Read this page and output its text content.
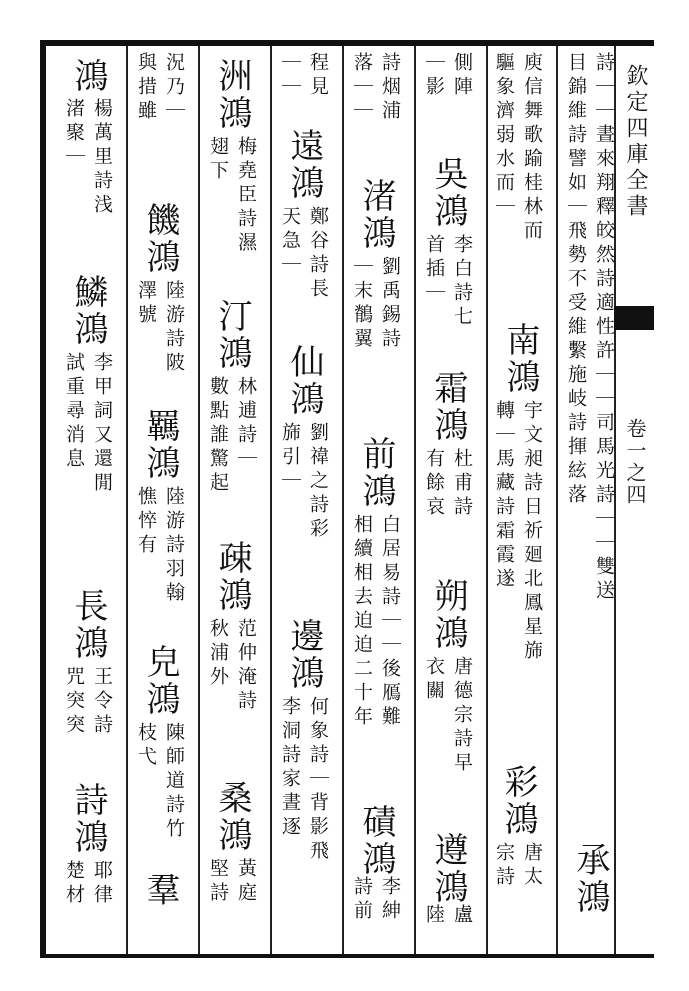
欽定四庫全書
卷一之四

詩｜｜晝來翔釋皎然詩適性許｜｜司馬光詩｜｜雙送
目錦維詩譬如｜飛勢不受維繫施岐詩揮絃落

承鴻

庾信舞歌踰桂林而
驅象濟弱水而｜

南鴻

宇文昶詩日祈廻北鳳星旆
轉｜馬藏詩霜霞遂

彩鴻

唐太
宗詩

側陣
｜影

吳鴻

李白詩七
首插｜

霜鴻

杜甫詩
有餘哀

朔鴻

唐德宗詩早
衣關

遵鴻

盧
陸

詩烟浦
落｜｜

渚鴻

劉禹錫詩
｜末鶺翼

前鴻

白居易詩｜｜後鴈難
相續相去迫迫二十年

磧鴻

李紳
詩前

程見
｜｜

遠鴻

鄭谷詩長
天急｜

仙鴻

劉禕之詩彩
旆引｜

邊鴻

何象詩｜背影飛
李洞詩家晝逐

洲鴻

梅堯臣詩濕
翅下

汀鴻

林逋詩｜
數點誰驚起

疎鴻

范仲淹詩
秋浦外

桑鴻

黃庭
堅詩

況乃｜
與措雖

饑鴻

陸游詩陂
澤號

羈鴻

陸游詩羽翰
憔悴有

皃鴻

陳師道詩竹
枝弋

羣

鴻

楊萬里詩浅
渚聚｜

鱗鴻

李甲詞又還閒
試重尋消息

長鴻

王令詩
咒突突

詩鴻

耶律
楚材
